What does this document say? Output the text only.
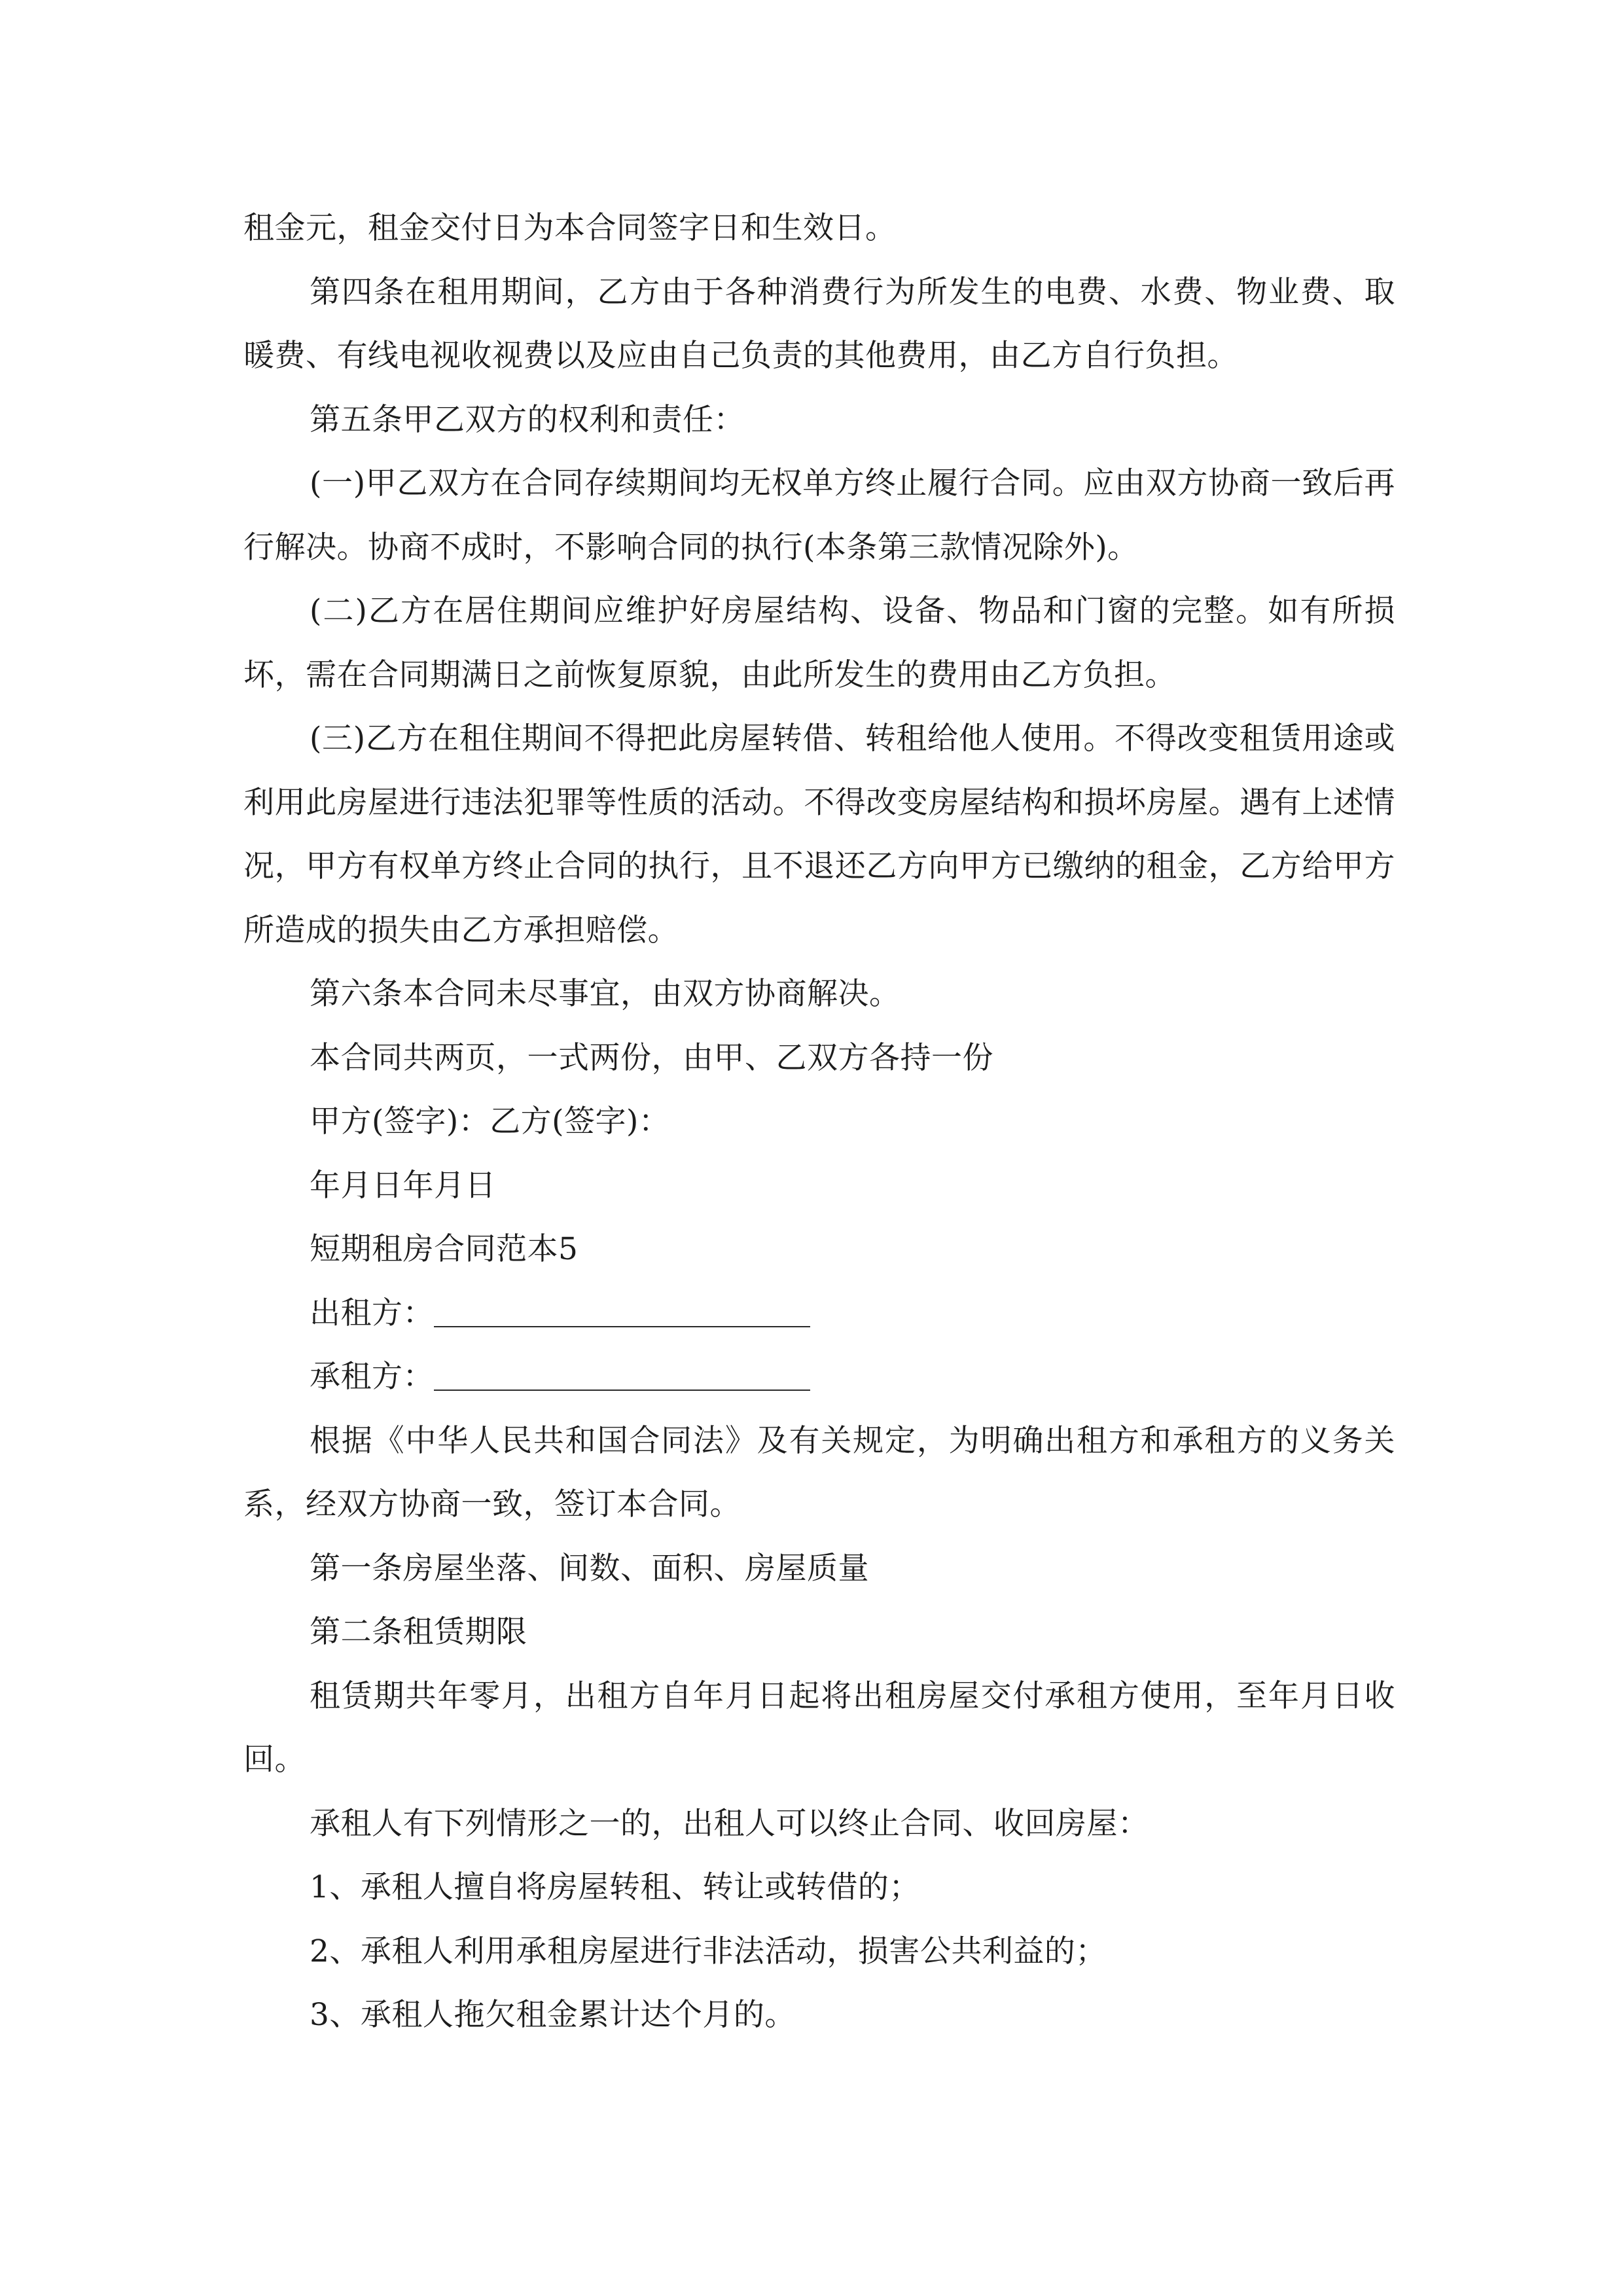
租金元，租金交付日为本合同签字日和生效日。

第四条在租用期间，乙方由于各种消费行为所发生的电费、水费、物业费、取暖费、有线电视收视费以及应由自己负责的其他费用，由乙方自行负担。

第五条甲乙双方的权利和责任：

(一)甲乙双方在合同存续期间均无权单方终止履行合同。应由双方协商一致后再行解决。协商不成时，不影响合同的执行(本条第三款情况除外)。

(二)乙方在居住期间应维护好房屋结构、设备、物品和门窗的完整。如有所损坏，需在合同期满日之前恢复原貌，由此所发生的费用由乙方负担。

(三)乙方在租住期间不得把此房屋转借、转租给他人使用。不得改变租赁用途或利用此房屋进行违法犯罪等性质的活动。不得改变房屋结构和损坏房屋。遇有上述情况，甲方有权单方终止合同的执行，且不退还乙方向甲方已缴纳的租金，乙方给甲方所造成的损失由乙方承担赔偿。

第六条本合同未尽事宜，由双方协商解决。

本合同共两页，一式两份，由甲、乙双方各持一份

甲方(签字)：乙方(签字)：

年月日年月日

短期租房合同范本5

出租方：

承租方：

根据《中华人民共和国合同法》及有关规定，为明确出租方和承租方的义务关系，经双方协商一致，签订本合同。

第一条房屋坐落、间数、面积、房屋质量

第二条租赁期限

租赁期共年零月，出租方自年月日起将出租房屋交付承租方使用，至年月日收回。

承租人有下列情形之一的，出租人可以终止合同、收回房屋：

1、承租人擅自将房屋转租、转让或转借的；

2、承租人利用承租房屋进行非法活动，损害公共利益的；

3、承租人拖欠租金累计达个月的。
